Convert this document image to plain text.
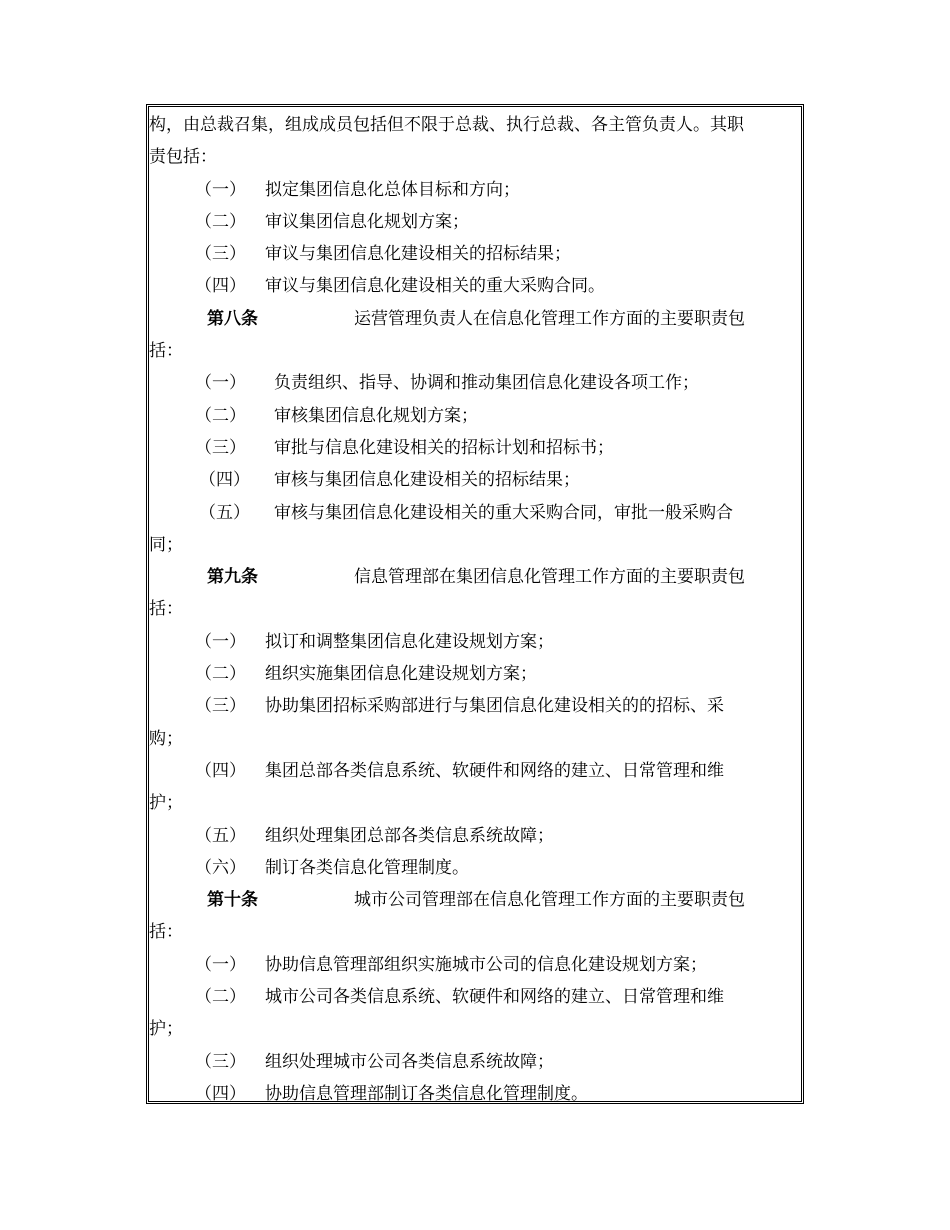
构，由总裁召集，组成成员包括但不限于总裁、执行总裁、各主管负责人。其职
责包括：
（一） 拟定集团信息化总体目标和方向；
（二） 审议集团信息化规划方案；
（三） 审议与集团信息化建设相关的招标结果；
（四） 审议与集团信息化建设相关的重大采购合同。
第八条	运营管理负责人在信息化管理工作方面的主要职责包
括：
（一） 负责组织、指导、协调和推动集团信息化建设各项工作；
（二） 审核集团信息化规划方案；
（三） 审批与信息化建设相关的招标计划和招标书；
（四） 审核与集团信息化建设相关的招标结果；
（五） 审核与集团信息化建设相关的重大采购合同，审批一般采购合
同；
第九条	信息管理部在集团信息化管理工作方面的主要职责包
括：
（一） 拟订和调整集团信息化建设规划方案；
（二） 组织实施集团信息化建设规划方案；
（三） 协助集团招标采购部进行与集团信息化建设相关的的招标、采
购；
（四） 集团总部各类信息系统、软硬件和网络的建立、日常管理和维
护；
（五） 组织处理集团总部各类信息系统故障；
（六） 制订各类信息化管理制度。
第十条	城市公司管理部在信息化管理工作方面的主要职责包
括：
（一） 协助信息管理部组织实施城市公司的信息化建设规划方案；
（二） 城市公司各类信息系统、软硬件和网络的建立、日常管理和维
护；
（三） 组织处理城市公司各类信息系统故障；
（四） 协助信息管理部制订各类信息化管理制度。
